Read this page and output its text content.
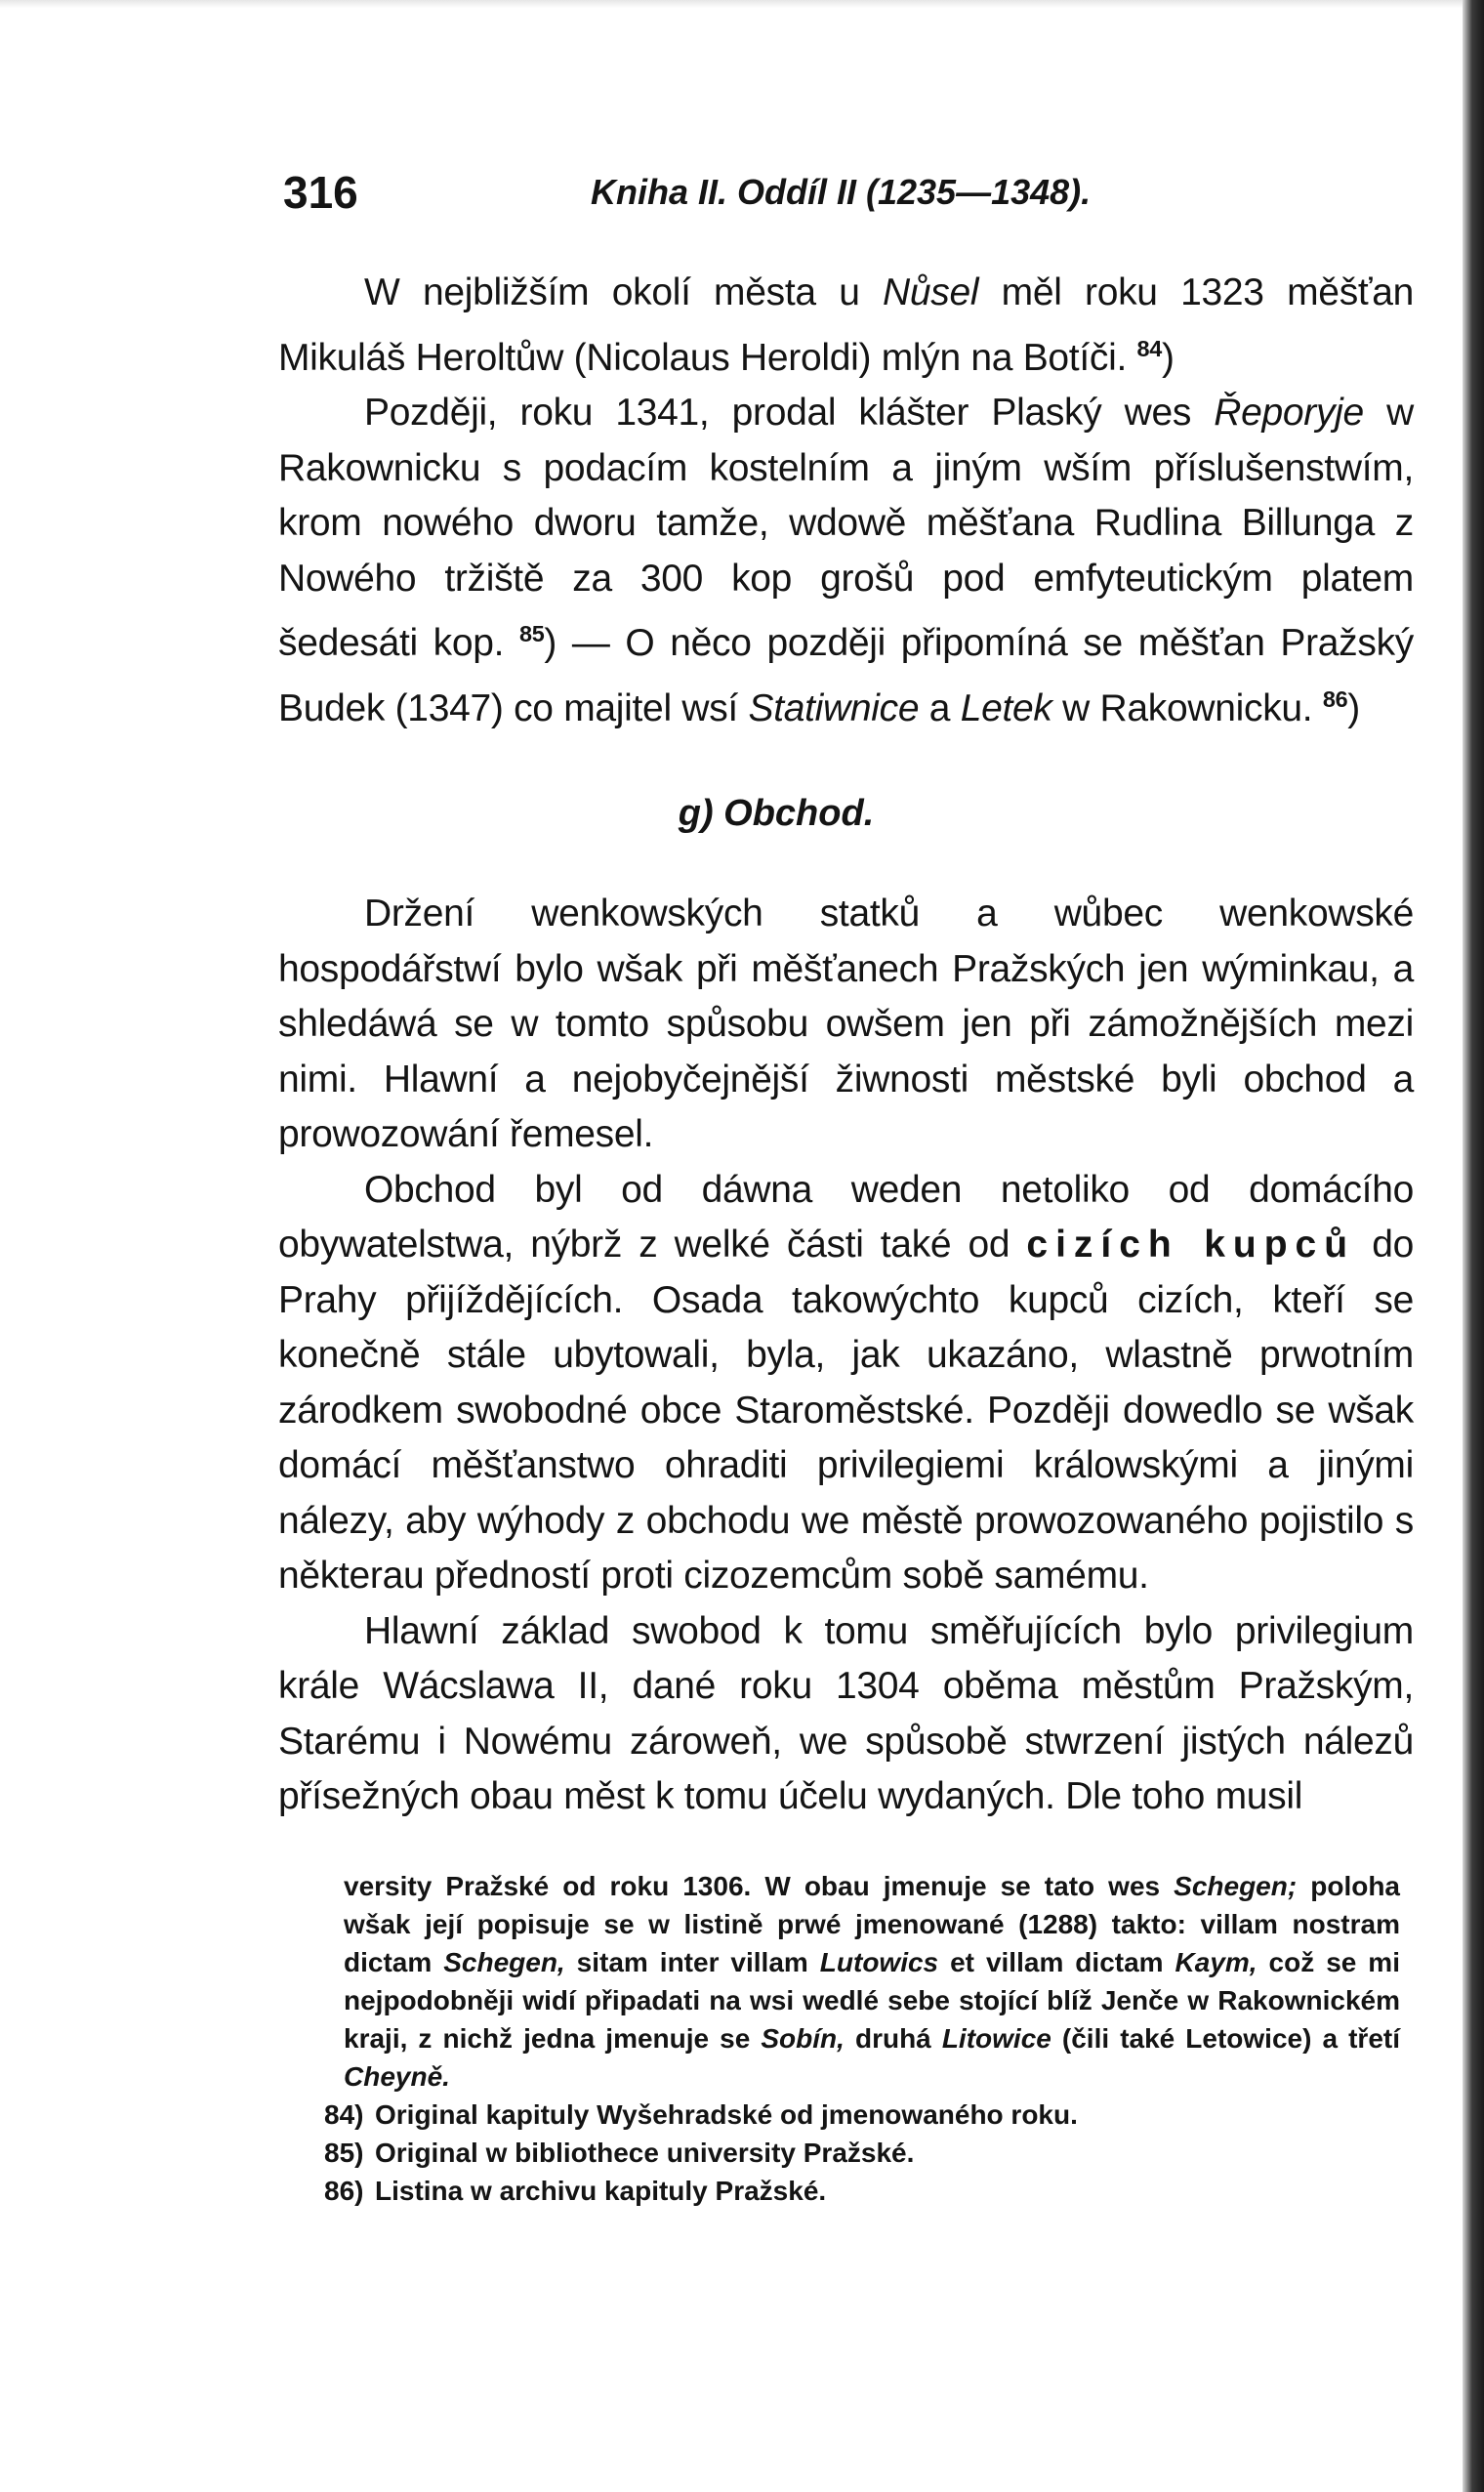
316	Kniha II. Oddíl II (1235—1348).

W nejbližším okolí města u Nůsel měl roku 1323 měšťan Mikuláš Heroltůw (Nicolaus Heroldi) mlýn na Botíči. $^{84}$)

Později, roku 1341, prodal klášter Plaský wes Řeporyje w Rakownicku s podacím kostelním a jiným wším příslušenstwím, krom nowého dworu tamže, wdowě měšťana Rudlina Billunga z Nowého tržiště za 300 kop grošů pod emfyteutickým platem šedesáti kop. $^{85}$) — O něco později připomíná se měšťan Pražský Budek (1347) co majitel wsí Statiwnice a Letek w Rakownicku. $^{86}$)

g) Obchod.

Držení wenkowských statků a wůbec wenkowské hospodářstwí bylo wšak při měšťanech Pražských jen wýminkau, a shledáwá se w tomto spůsobu owšem jen při zámožnějších mezi nimi. Hlawní a nejobyčejnější žiwnosti městské byli obchod a prowozowání řemesel.

Obchod byl od dáwna weden netoliko od domácího obywatelstwa, nýbrž z welké části také od cizích kupců do Prahy přijíždějících. Osada takowýchto kupců cizích, kteří se konečně stále ubytowali, byla, jak ukazáno, wlastně prwotním zárodkem swobodné obce Staroměstské. Později dowedlo se wšak domácí měšťanstwo ohraditi privilegiemi králowskými a jinými nálezy, aby wýhody z obchodu we městě prowozowaného pojistilo s některau předností proti cizozemcům sobě samému.

Hlawní základ swobod k tomu směřujících bylo privilegium krále Wácslawa II, dané roku 1304 oběma městům Pražským, Starému i Nowému zároweň, we spůsobě stwrzení jistých nálezů přísežných obau měst k tomu účelu wydaných. Dle toho musil

versity Pražské od roku 1306. W obau jmenuje se tato wes Schegen; poloha wšak její popisuje se w listině prwé jmenowané (1288) takto: villam nostram dictam Schegen, sitam inter villam Lutowics et villam dictam Kaym, což se mi nejpodobněji widí připadati na wsi wedlé sebe stojící blíž Jenče w Rakownickém kraji, z nichž jedna jmenuje se Sobín, druhá Litowice (čili také Letowice) a třetí Cheyně.

84)Original kapituly Wyšehradské od jmenowaného roku.

85)Original w bibliothece university Pražské.

86)Listina w archivu kapituly Pražské.
